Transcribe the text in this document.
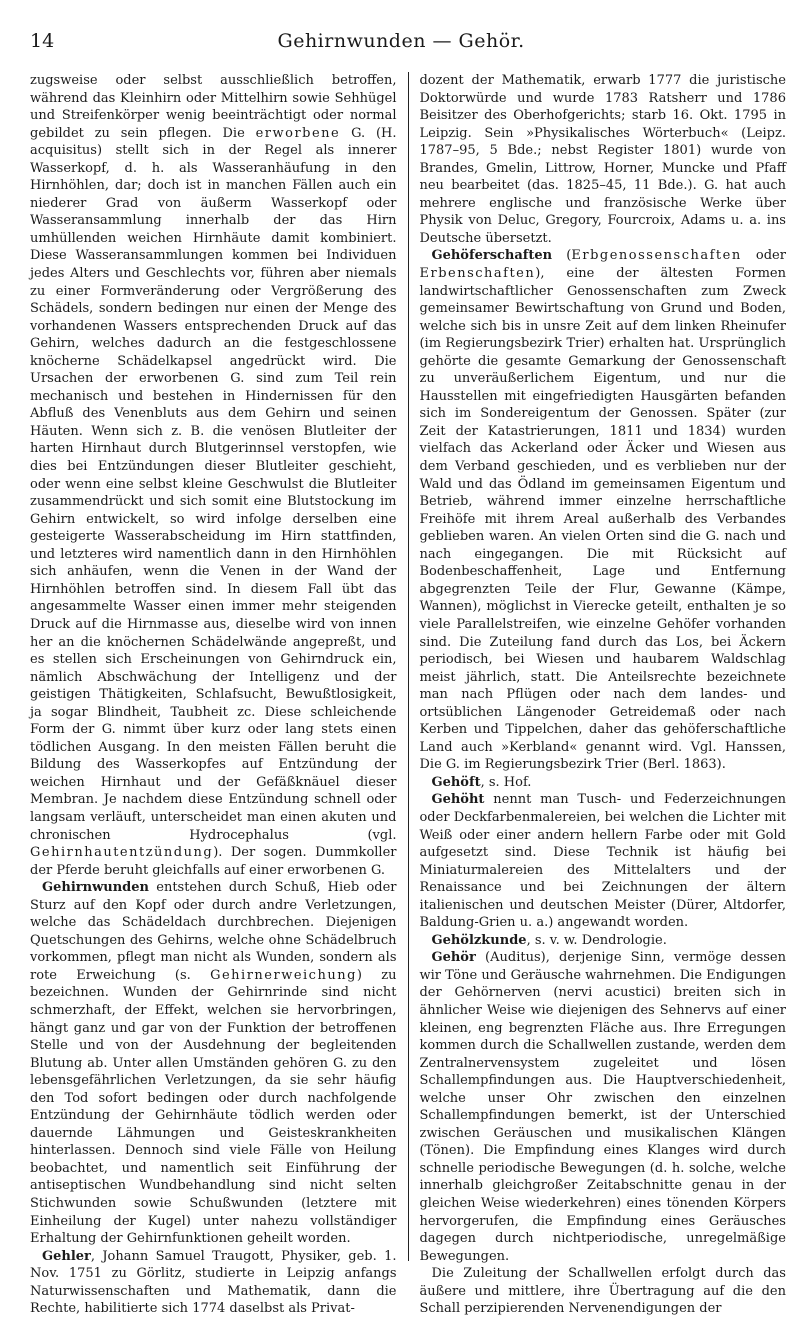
14	Gehirnwunden — Gehör.

zugsweise oder selbst ausschließlich betroffen, während das Kleinhirn oder Mittelhirn sowie Sehhügel und Streifenkörper wenig beeinträchtigt oder normal gebildet zu sein pflegen. Die erworbene G. (H. acquisitus) stellt sich in der Regel als innerer Wasserkopf, d. h. als Wasseranhäufung in den Hirnhöhlen, dar; doch ist in manchen Fällen auch ein niederer Grad von äußerm Wasserkopf oder Wasseransammlung innerhalb der das Hirn umhüllenden weichen Hirnhäute damit kombiniert. Diese Wasseransammlungen kommen bei Individuen jedes Alters und Geschlechts vor, führen aber niemals zu einer Formveränderung oder Vergrößerung des Schädels, sondern bedingen nur einen der Menge des vorhandenen Wassers entsprechenden Druck auf das Gehirn, welches dadurch an die festgeschlossene knöcherne Schädelkapsel angedrückt wird. Die Ursachen der erworbenen G. sind zum Teil rein mechanisch und bestehen in Hindernissen für den Abfluß des Venenbluts aus dem Gehirn und seinen Häuten. Wenn sich z. B. die venösen Blutleiter der harten Hirnhaut durch Blutgerinnsel verstopfen, wie dies bei Entzündungen dieser Blutleiter geschieht, oder wenn eine selbst kleine Geschwulst die Blutleiter zusammendrückt und sich somit eine Blutstockung im Gehirn entwickelt, so wird infolge derselben eine gesteigerte Wasserabscheidung im Hirn stattfinden, und letzteres wird namentlich dann in den Hirnhöhlen sich anhäufen, wenn die Venen in der Wand der Hirnhöhlen betroffen sind. In diesem Fall übt das angesammelte Wasser einen immer mehr steigenden Druck auf die Hirnmasse aus, dieselbe wird von innen her an die knöchernen Schädelwände angepreßt, und es stellen sich Erscheinungen von Gehirndruck ein, nämlich Abschwächung der Intelligenz und der geistigen Thätigkeiten, Schlafsucht, Bewußtlosigkeit, ja sogar Blindheit, Taubheit zc. Diese schleichende Form der G. nimmt über kurz oder lang stets einen tödlichen Ausgang. In den meisten Fällen beruht die Bildung des Wasserkopfes auf Entzündung der weichen Hirnhaut und der Gefäßknäuel dieser Membran. Je nachdem diese Entzündung schnell oder langsam verläuft, unterscheidet man einen akuten und chronischen Hydrocephalus (vgl. Gehirnhautentzündung). Der sogen. Dummkoller der Pferde beruht gleichfalls auf einer erworbenen G.

Gehirnwunden entstehen durch Schuß, Hieb oder Sturz auf den Kopf oder durch andre Verletzungen, welche das Schädeldach durchbrechen. Diejenigen Quetschungen des Gehirns, welche ohne Schädelbruch vorkommen, pflegt man nicht als Wunden, sondern als rote Erweichung (s. Gehirnerweichung) zu bezeichnen. Wunden der Gehirnrinde sind nicht schmerzhaft, der Effekt, welchen sie hervorbringen, hängt ganz und gar von der Funktion der betroffenen Stelle und von der Ausdehnung der begleitenden Blutung ab. Unter allen Umständen gehören G. zu den lebensgefährlichen Verletzungen, da sie sehr häufig den Tod sofort bedingen oder durch nachfolgende Entzündung der Gehirnhäute tödlich werden oder dauernde Lähmungen und Geisteskrankheiten hinterlassen. Dennoch sind viele Fälle von Heilung beobachtet, und namentlich seit Einführung der antiseptischen Wundbehandlung sind nicht selten Stichwunden sowie Schußwunden (letztere mit Einheilung der Kugel) unter nahezu vollständiger Erhaltung der Gehirnfunktionen geheilt worden.

Gehler, Johann Samuel Traugott, Physiker, geb. 1. Nov. 1751 zu Görlitz, studierte in Leipzig anfangs Naturwissenschaften und Mathematik, dann die Rechte, habilitierte sich 1774 daselbst als Privat-

dozent der Mathematik, erwarb 1777 die juristische Doktorwürde und wurde 1783 Ratsherr und 1786 Beisitzer des Oberhofgerichts; starb 16. Okt. 1795 in Leipzig. Sein »Physikalisches Wörterbuch« (Leipz. 1787–95, 5 Bde.; nebst Register 1801) wurde von Brandes, Gmelin, Littrow, Horner, Muncke und Pfaff neu bearbeitet (das. 1825–45, 11 Bde.). G. hat auch mehrere englische und französische Werke über Physik von Deluc, Gregory, Fourcroix, Adams u. a. ins Deutsche übersetzt.

Gehöferschaften (Erbgenossenschaften oder Erbenschaften), eine der ältesten Formen landwirtschaftlicher Genossenschaften zum Zweck gemeinsamer Bewirtschaftung von Grund und Boden, welche sich bis in unsre Zeit auf dem linken Rheinufer (im Regierungsbezirk Trier) erhalten hat. Ursprünglich gehörte die gesamte Gemarkung der Genossenschaft zu unveräußerlichem Eigentum, und nur die Hausstellen mit eingefriedigten Hausgärten befanden sich im Sondereigentum der Genossen. Später (zur Zeit der Katastrierungen, 1811 und 1834) wurden vielfach das Ackerland oder Äcker und Wiesen aus dem Verband geschieden, und es verblieben nur der Wald und das Ödland im gemeinsamen Eigentum und Betrieb, während immer einzelne herrschaftliche Freihöfe mit ihrem Areal außerhalb des Verbandes geblieben waren. An vielen Orten sind die G. nach und nach eingegangen. Die mit Rücksicht auf Bodenbeschaffenheit, Lage und Entfernung abgegrenzten Teile der Flur, Gewanne (Kämpe, Wannen), möglichst in Vierecke geteilt, enthalten je so viele Parallelstreifen, wie einzelne Gehöfer vorhanden sind. Die Zuteilung fand durch das Los, bei Äckern periodisch, bei Wiesen und haubarem Waldschlag meist jährlich, statt. Die Anteilsrechte bezeichnete man nach Pflügen oder nach dem landes- und ortsüblichen Längenoder Getreidemaß oder nach Kerben und Tippelchen, daher das gehöferschaftliche Land auch »Kerbland« genannt wird. Vgl. Hanssen, Die G. im Regierungsbezirk Trier (Berl. 1863).

Gehöft, s. Hof.

Gehöht nennt man Tusch- und Federzeichnungen oder Deckfarbenmalereien, bei welchen die Lichter mit Weiß oder einer andern hellern Farbe oder mit Gold aufgesetzt sind. Diese Technik ist häufig bei Miniaturmalereien des Mittelalters und der Renaissance und bei Zeichnungen der ältern italienischen und deutschen Meister (Dürer, Altdorfer, Baldung-Grien u. a.) angewandt worden.

Gehölzkunde, s. v. w. Dendrologie.

Gehör (Auditus), derjenige Sinn, vermöge dessen wir Töne und Geräusche wahrnehmen. Die Endigungen der Gehörnerven (nervi acustici) breiten sich in ähnlicher Weise wie diejenigen des Sehnervs auf einer kleinen, eng begrenzten Fläche aus. Ihre Erregungen kommen durch die Schallwellen zustande, werden dem Zentralnervensystem zugeleitet und lösen Schallempfindungen aus. Die Hauptverschiedenheit, welche unser Ohr zwischen den einzelnen Schallempfindungen bemerkt, ist der Unterschied zwischen Geräuschen und musikalischen Klängen (Tönen). Die Empfindung eines Klanges wird durch schnelle periodische Bewegungen (d. h. solche, welche innerhalb gleichgroßer Zeitabschnitte genau in der gleichen Weise wiederkehren) eines tönenden Körpers hervorgerufen, die Empfindung eines Geräusches dagegen durch nichtperiodische, unregelmäßige Bewegungen.

Die Zuleitung der Schallwellen erfolgt durch das äußere und mittlere, ihre Übertragung auf die den Schall perzipierenden Nervenendigungen der
